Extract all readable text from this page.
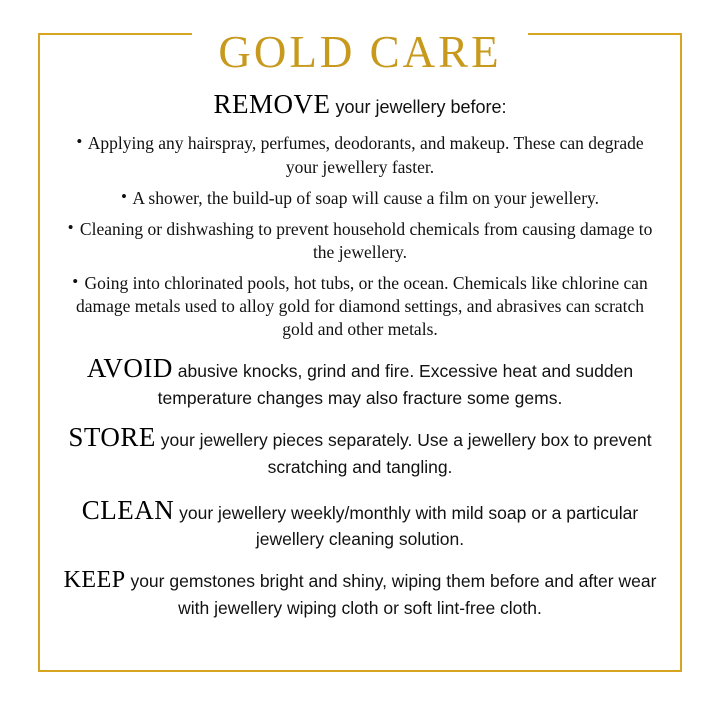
GOLD CARE
REMOVE your jewellery before:
• Applying any hairspray, perfumes, deodorants, and makeup. These can degrade your jewellery faster.
• A shower, the build-up of soap will cause a film on your jewellery.
• Cleaning or dishwashing to prevent household chemicals from causing damage to the jewellery.
• Going into chlorinated pools, hot tubs, or the ocean. Chemicals like chlorine can damage metals used to alloy gold for diamond settings, and abrasives can scratch gold and other metals.
AVOID abusive knocks, grind and fire. Excessive heat and sudden temperature changes may also fracture some gems.
STORE your jewellery pieces separately. Use a jewellery box to prevent scratching and tangling.
CLEAN your jewellery weekly/monthly with mild soap or a particular jewellery cleaning solution.
KEEP your gemstones bright and shiny, wiping them before and after wear with jewellery wiping cloth or soft lint-free cloth.
